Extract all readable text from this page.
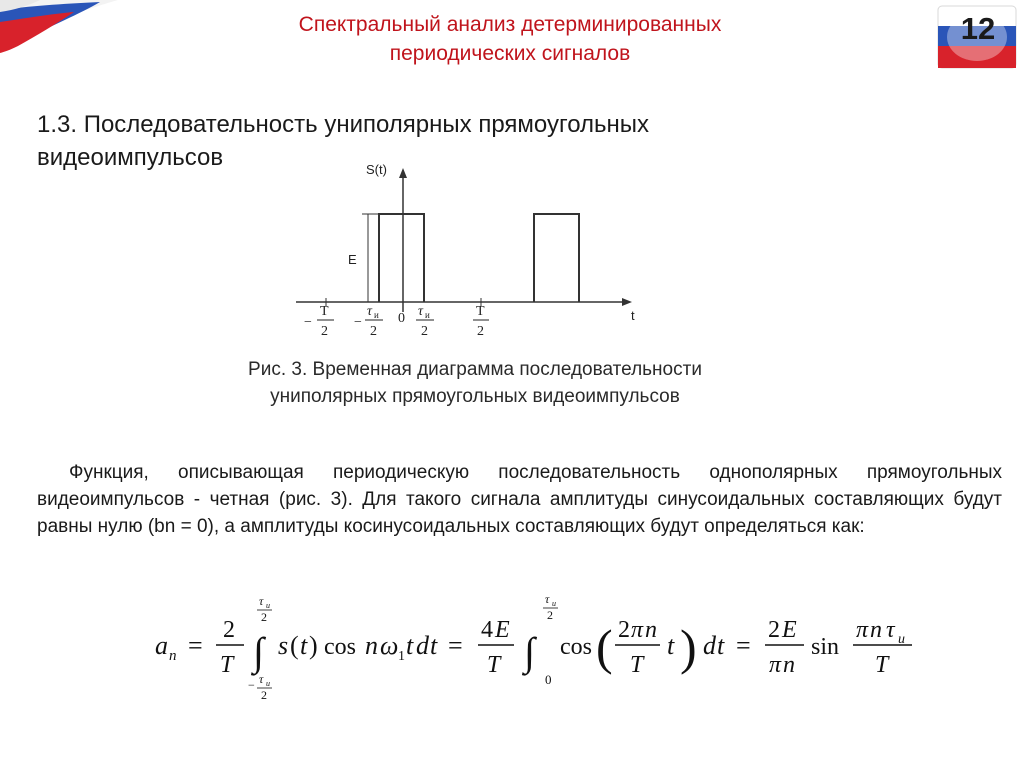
Спектральный анализ детерминированных
периодических сигналов
12
1.3. Последовательность униполярных прямоугольных
видеоимпульсов	S(t)
t
E
0
−
T
2
−
τ и
2
τ и
2
T
2
Рис. 3. Временная диаграмма последовательности
униполярных прямоугольных видеоимпульсов
Функция, описывающая периодическую последовательность однополярных прямоугольных видеоимпульсов - четная (рис. 3). Для такого сигнала амплитуды синусоидальных составляющих будут равны нулю (bn = 0), а амплитуды косинусоидальных составляющих будут определяться как:
a n =
2
T ∫
τ и
2
− τ и
2
s ( t ) cos n ω 1 t d t =
4 E
T ∫
τ и
2
0
cos ( 2 π n
T
t ) d t =
2 E
π n
sin
π n τ и
T
